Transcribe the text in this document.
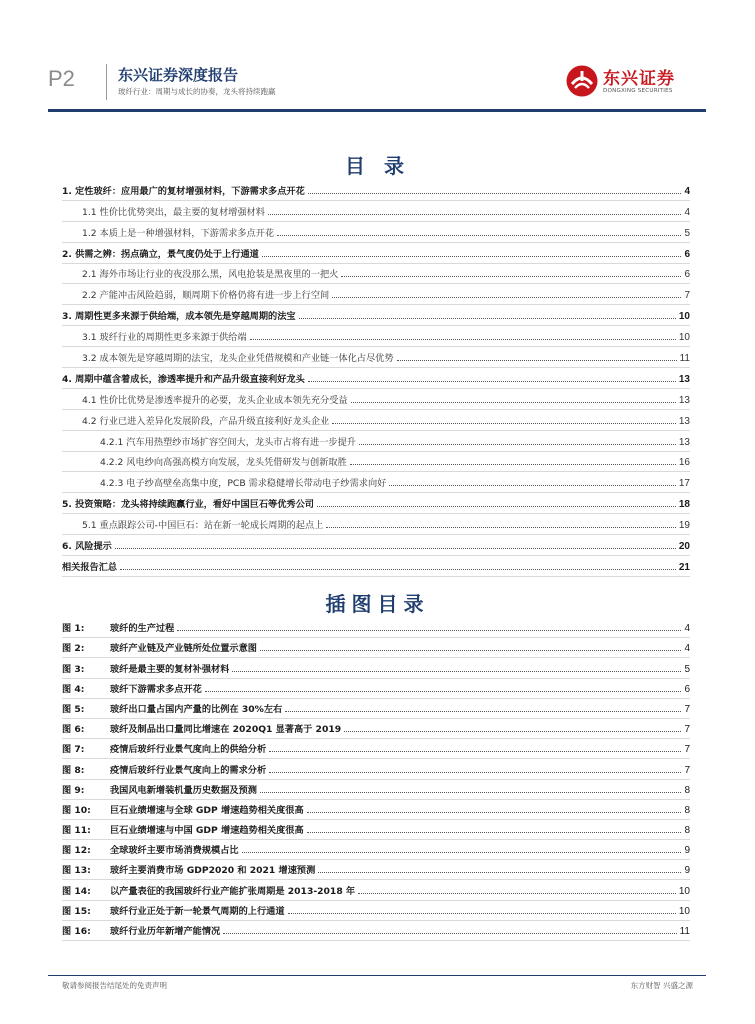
P2	东兴证券深度报告
玻纤行业：周期与成长的协奏，龙头将持续跑赢
东兴证券
DONGXING SECURITIES
目 录
1. 定性玻纤：应用最广的复材增强材料，下游需求多点开花	4
1.1 性价比优势突出，最主要的复材增强材料	4
1.2 本质上是一种增强材料，下游需求多点开花	5
2. 供需之辨：拐点确立，景气度仍处于上行通道	6
2.1 海外市场让行业的夜没那么黑，风电抢装是黑夜里的一把火	6
2.2 产能冲击风险趋弱，顺周期下价格仍将有进一步上行空间	7
3. 周期性更多来源于供给端，成本领先是穿越周期的法宝	10
3.1 玻纤行业的周期性更多来源于供给端	10
3.2 成本领先是穿越周期的法宝，龙头企业凭借规模和产业链一体化占尽优势	11
4. 周期中蕴含着成长，渗透率提升和产品升级直接利好龙头	13
4.1 性价比优势是渗透率提升的必要，龙头企业成本领先充分受益	13
4.2 行业已进入差异化发展阶段，产品升级直接利好龙头企业	13
4.2.1 汽车用热塑纱市场扩容空间大，龙头市占将有进一步提升	13
4.2.2 风电纱向高强高模方向发展，龙头凭借研发与创新取胜	16
4.2.3 电子纱高壁垒高集中度，PCB 需求稳健增长带动电子纱需求向好	17
5. 投资策略：龙头将持续跑赢行业，看好中国巨石等优秀公司	18
5.1 重点跟踪公司-中国巨石：站在新一轮成长周期的起点上	19
6. 风险提示	20
相关报告汇总	21
插图目录
图 1:	玻纤的生产过程	4
图 2:	玻纤产业链及产业链所处位置示意图	4
图 3:	玻纤是最主要的复材补强材料	5
图 4:	玻纤下游需求多点开花	6
图 5:	玻纤出口量占国内产量的比例在 30%左右	7
图 6:	玻纤及制品出口量同比增速在 2020Q1 显著高于 2019	7
图 7:	疫情后玻纤行业景气度向上的供给分析	7
图 8:	疫情后玻纤行业景气度向上的需求分析	7
图 9:	我国风电新增装机量历史数据及预测	8
图 10:	巨石业绩增速与全球 GDP 增速趋势相关度很高	8
图 11:	巨石业绩增速与中国 GDP 增速趋势相关度很高	8
图 12:	全球玻纤主要市场消费规模占比	9
图 13:	玻纤主要消费市场 GDP2020 和 2021 增速预测	9
图 14:	以产量表征的我国玻纤行业产能扩张周期是 2013-2018 年	10
图 15:	玻纤行业正处于新一轮景气周期的上行通道	10
图 16:	玻纤行业历年新增产能情况	11
敬请参阅报告结尾处的免责声明	东方财智 兴盛之源
